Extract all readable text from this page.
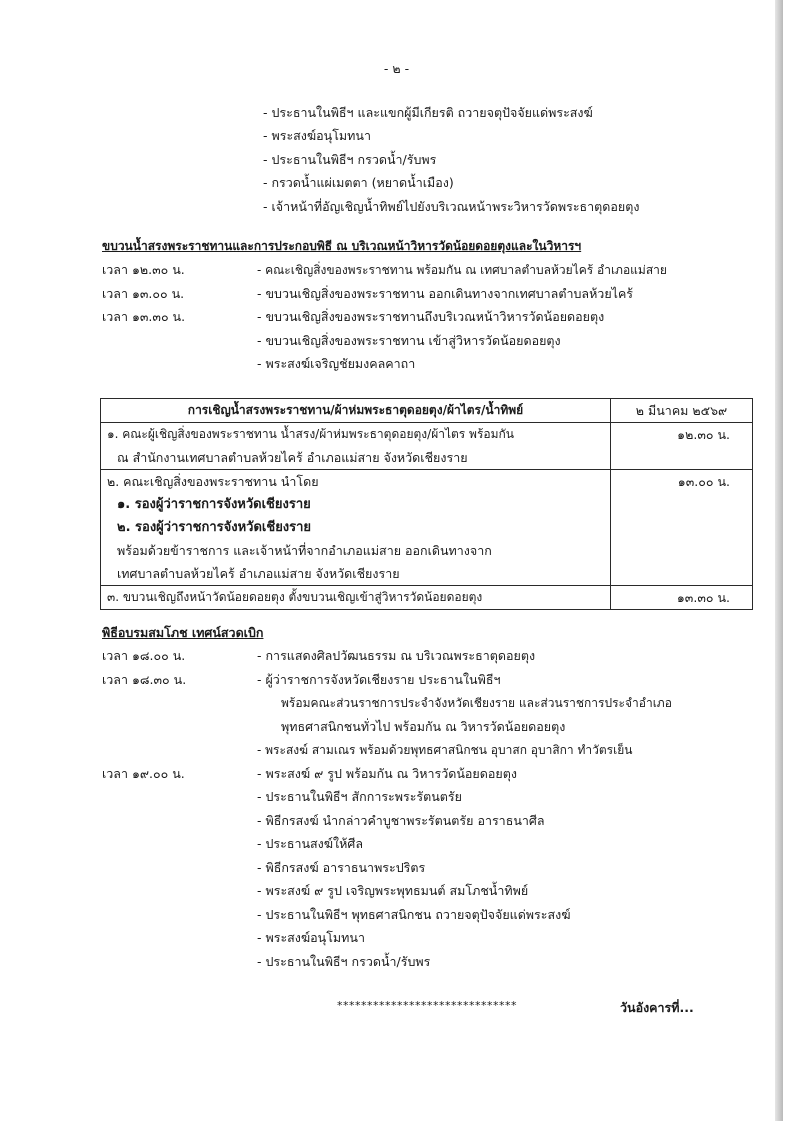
- ๒ -
- ประธานในพิธีฯ และแขกผู้มีเกียรติ ถวายจตุปัจจัยแด่พระสงฆ์
- พระสงฆ์อนุโมทนา
- ประธานในพิธีฯ กรวดน้ำ/รับพร
- กรวดน้ำแผ่เมตตา (หยาดน้ำเมือง)
- เจ้าหน้าที่อัญเชิญน้ำทิพย์ไปยังบริเวณหน้าพระวิหารวัดพระธาตุดอยตุง
ขบวนน้ำสรงพระราชทานและการประกอบพิธี ณ บริเวณหน้าวิหารวัดน้อยดอยตุงและในวิหารฯ
เวลา ๑๒.๓๐ น.	- คณะเชิญสิ่งของพระราชทาน พร้อมกัน ณ เทศบาลตำบลห้วยไคร้ อำเภอแม่สาย
เวลา ๑๓.๐๐ น.	- ขบวนเชิญสิ่งของพระราชทาน ออกเดินทางจากเทศบาลตำบลห้วยไคร้
เวลา ๑๓.๓๐ น.	- ขบวนเชิญสิ่งของพระราชทานถึงบริเวณหน้าวิหารวัดน้อยดอยตุง
- ขบวนเชิญสิ่งของพระราชทาน เข้าสู่วิหารวัดน้อยดอยตุง
- พระสงฆ์เจริญชัยมงคลคาถา
การเชิญน้ำสรงพระราชทาน/ผ้าห่มพระธาตุดอยตุง/ผ้าไตร/น้ำทิพย์	๒ มีนาคม ๒๕๖๙

๑. คณะผู้เชิญสิ่งของพระราชทาน น้ำสรง/ผ้าห่มพระธาตุดอยตุง/ผ้าไตร พร้อมกัน
ณ สำนักงานเทศบาลตำบลห้วยไคร้ อำเภอแม่สาย จังหวัดเชียงราย	๑๒.๓๐ น.

๒. คณะเชิญสิ่งของพระราชทาน นำโดย
๑. รองผู้ว่าราชการจังหวัดเชียงราย
๒. รองผู้ว่าราชการจังหวัดเชียงราย
พร้อมด้วยข้าราชการ และเจ้าหน้าที่จากอำเภอแม่สาย ออกเดินทางจาก
เทศบาลตำบลห้วยไคร้ อำเภอแม่สาย จังหวัดเชียงราย	๑๓.๐๐ น.
๓. ขบวนเชิญถึงหน้าวัดน้อยดอยตุง ตั้งขบวนเชิญเข้าสู่วิหารวัดน้อยดอยตุง	๑๓.๓๐ น.
พิธีอบรมสมโภช เทศน์สวดเบิก
เวลา ๑๘.๐๐ น.	- การแสดงศิลปวัฒนธรรม ณ บริเวณพระธาตุดอยตุง
เวลา ๑๘.๓๐ น.	- ผู้ว่าราชการจังหวัดเชียงราย ประธานในพิธีฯ
พร้อมคณะส่วนราชการประจำจังหวัดเชียงราย และส่วนราชการประจำอำเภอ
พุทธศาสนิกชนทั่วไป พร้อมกัน ณ วิหารวัดน้อยดอยตุง
- พระสงฆ์ สามเณร พร้อมด้วยพุทธศาสนิกชน อุบาสก อุบาสิกา ทำวัตรเย็น
เวลา ๑๙.๐๐ น.	- พระสงฆ์ ๙ รูป พร้อมกัน ณ วิหารวัดน้อยดอยตุง
- ประธานในพิธีฯ สักการะพระรัตนตรัย
- พิธีกรสงฆ์ นำกล่าวคำบูชาพระรัตนตรัย อาราธนาศีล
- ประธานสงฆ์ให้ศีล
- พิธีกรสงฆ์ อาราธนาพระปริตร
- พระสงฆ์ ๙ รูป เจริญพระพุทธมนต์ สมโภชน้ำทิพย์
- ประธานในพิธีฯ พุทธศาสนิกชน ถวายจตุปัจจัยแด่พระสงฆ์
- พระสงฆ์อนุโมทนา
- ประธานในพิธีฯ กรวดน้ำ/รับพร
******************************	วันอังคารที่...
